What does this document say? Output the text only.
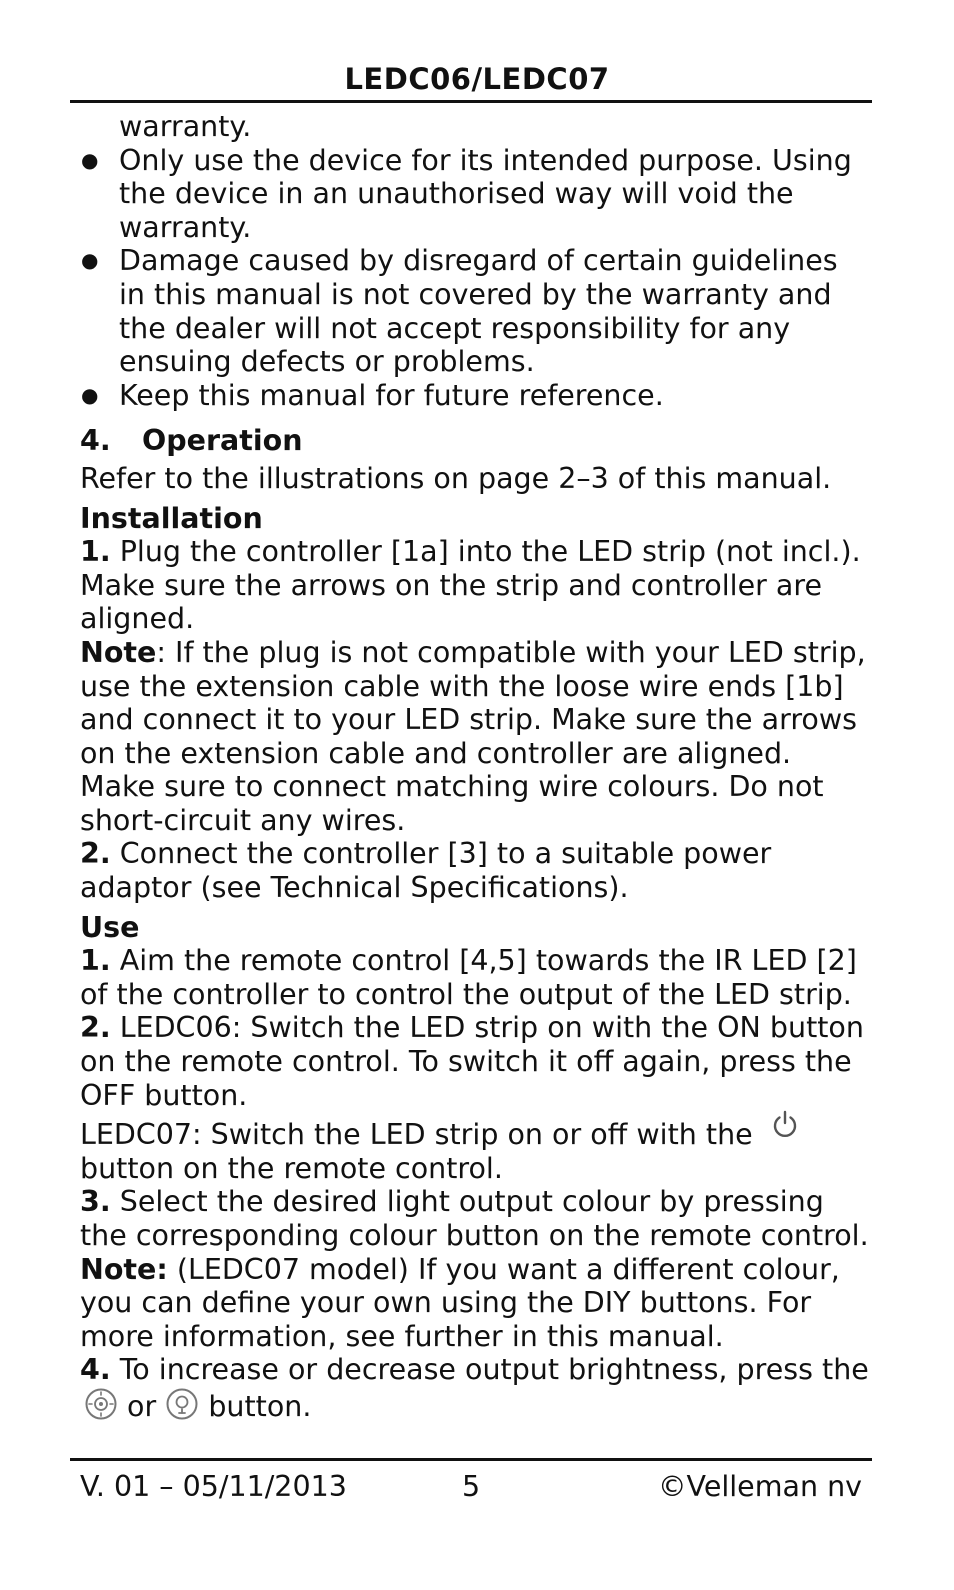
LEDC06/LEDC07
warranty.
● Only use the device for its intended purpose. Using the device in an unauthorised way will void the warranty.
● Damage caused by disregard of certain guidelines in this manual is not covered by the warranty and the dealer will not accept responsibility for any ensuing defects or problems.
● Keep this manual for future reference.
4. Operation
Refer to the illustrations on page 2–3 of this manual.
Installation
1. Plug the controller [1a] into the LED strip (not incl.). Make sure the arrows on the strip and controller are aligned.
Note: If the plug is not compatible with your LED strip, use the extension cable with the loose wire ends [1b] and connect it to your LED strip. Make sure the arrows on the extension cable and controller are aligned. Make sure to connect matching wire colours. Do not short-circuit any wires.
2. Connect the controller [3] to a suitable power adaptor (see Technical Specifications).
Use
1. Aim the remote control [4,5] towards the IR LED [2] of the controller to control the output of the LED strip.
2. LEDC06: Switch the LED strip on with the ON button on the remote control. To switch it off again, press the OFF button.
LEDC07: Switch the LED strip on or off with the
button on the remote control.
3. Select the desired light output colour by pressing the corresponding colour button on the remote control.
Note: (LEDC07 model) If you want a different colour, you can define your own using the DIY buttons. For more information, see further in this manual.
4. To increase or decrease output brightness, press the
or  button.
V. 01 – 05/11/2013	5	©Velleman nv
